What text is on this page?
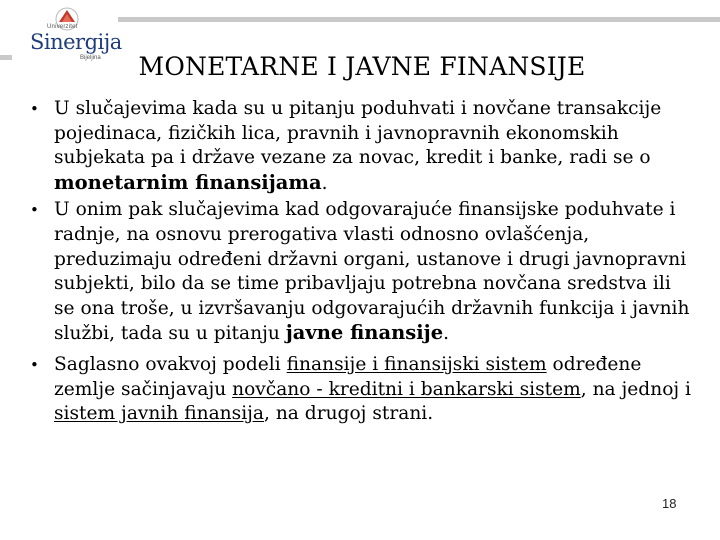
Univerzitet
Sinergija
Bijeljina	MONETARNE I JAVNE FINANSIJE

• U slučajevima kada su u pitanju poduhvati i novčane transakcije pojedinaca, fizičkih lica, pravnih i javnopravnih ekonomskih subjekata pa i države vezane za novac, kredit i banke, radi se o monetarnim finansijama.

• U onim pak slučajevima kad odgovarajuće finansijske poduhvate i radnje, na osnovu prerogativa vlasti odnosno ovlašćenja, preduzimaju određeni državni organi, ustanove i drugi javnopravni subjekti, bilo da se time pribavljaju potrebna novčana sredstva ili se ona troše, u izvršavanju odgovarajućih državnih funkcija i javnih službi, tada su u pitanju javne finansije.

• Saglasno ovakvoj podeli finansije i finansijski sistem određene zemlje sačinjavaju novčano - kreditni i bankarski sistem, na jednoj i sistem javnih finansija, na drugoj strani.

18
